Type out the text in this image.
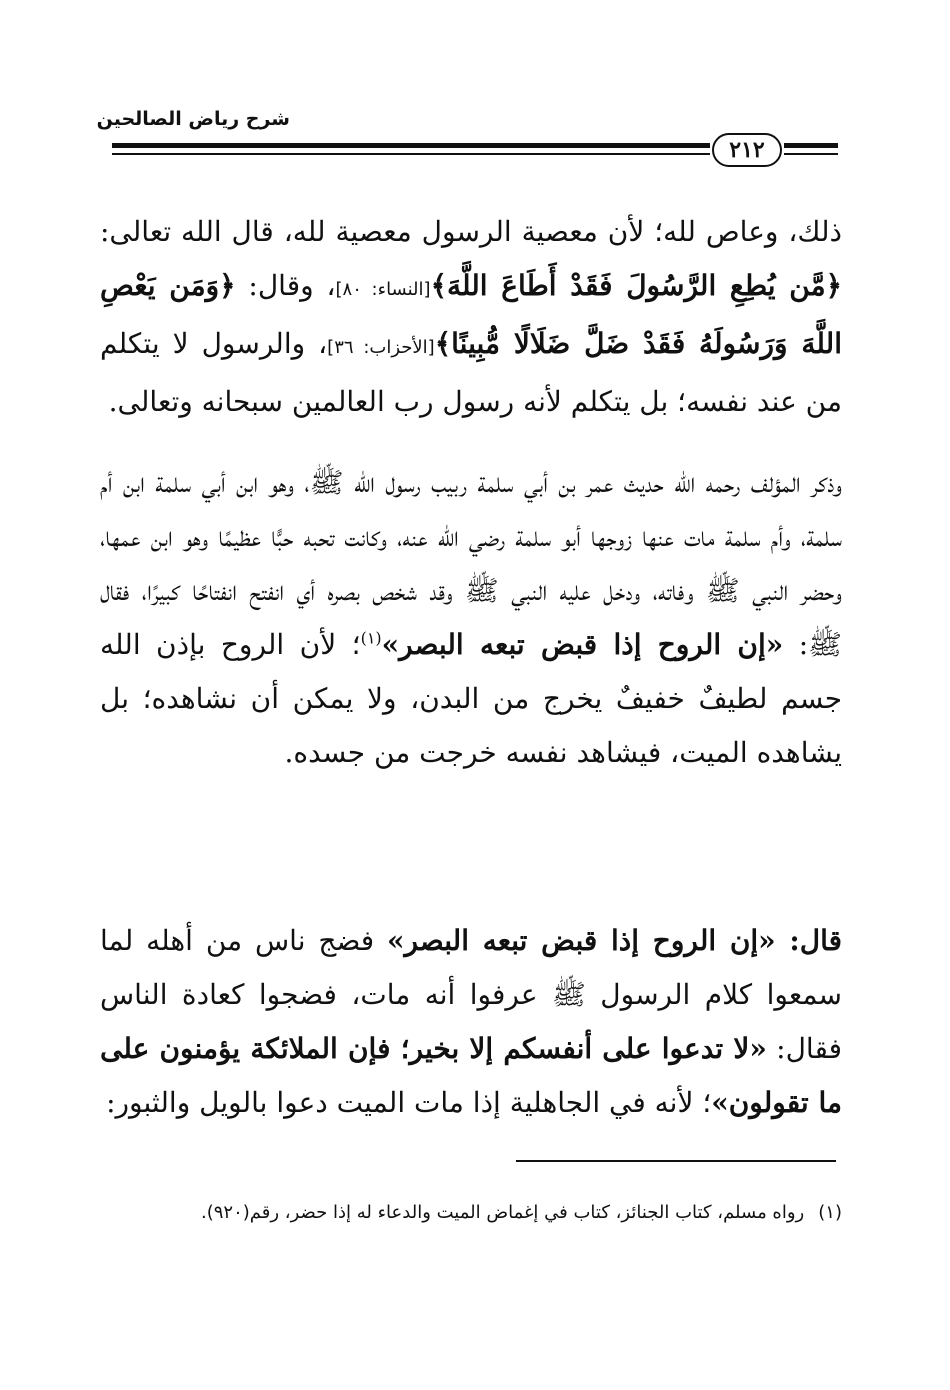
شرح رياض الصالحين
٢١٢

ذلك، وعاص لله؛ لأن معصية الرسول معصية لله، قال الله تعالى: ﴿مَّن يُطِعِ الرَّسُولَ فَقَدْ أَطَاعَ اللَّهَ﴾[النساء: ٨٠]، وقال: ﴿وَمَن يَعْصِ اللَّهَ وَرَسُولَهُ فَقَدْ ضَلَّ ضَلَالًا مُّبِينًا﴾[الأحزاب: ٣٦]، والرسول لا يتكلم من عند نفسه؛ بل يتكلم لأنه رسول رب العالمين سبحانه وتعالى.

وذكر المؤلف رحمه الله حديث عمر بن أبي سلمة ربيب رسول الله ﷺ، وهو ابن أبي سلمة ابن أم سلمة، وأم سلمة مات عنها زوجها أبو سلمة رضي الله عنه، وكانت تحبه حبًّا عظيمًا وهو ابن عمها، وحضر النبي ﷺ وفاته، ودخل عليه النبي ﷺ وقد شخص بصره أي انفتح انفتاحًا كبيرًا، فقال ﷺ: «إن الروح إذا قبض تبعه البصر»$^{(١)}$؛ لأن الروح بإذن الله جسم لطيفٌ خفيفٌ يخرج من البدن، ولا يمكن أن نشاهده؛ بل يشاهده الميت، فيشاهد نفسه خرجت من جسده.

قال: «إن الروح إذا قبض تبعه البصر» فضج ناس من أهله لما سمعوا كلام الرسول ﷺ عرفوا أنه مات، فضجوا كعادة الناس فقال: «لا تدعوا على أنفسكم إلا بخير؛ فإن الملائكة يؤمنون على ما تقولون»؛ لأنه في الجاهلية إذا مات الميت دعوا بالويل والثبور:

(١)رواه مسلم، كتاب الجنائز، كتاب في إغماض الميت والدعاء له إذا حضر، رقم(٩٢٠).
